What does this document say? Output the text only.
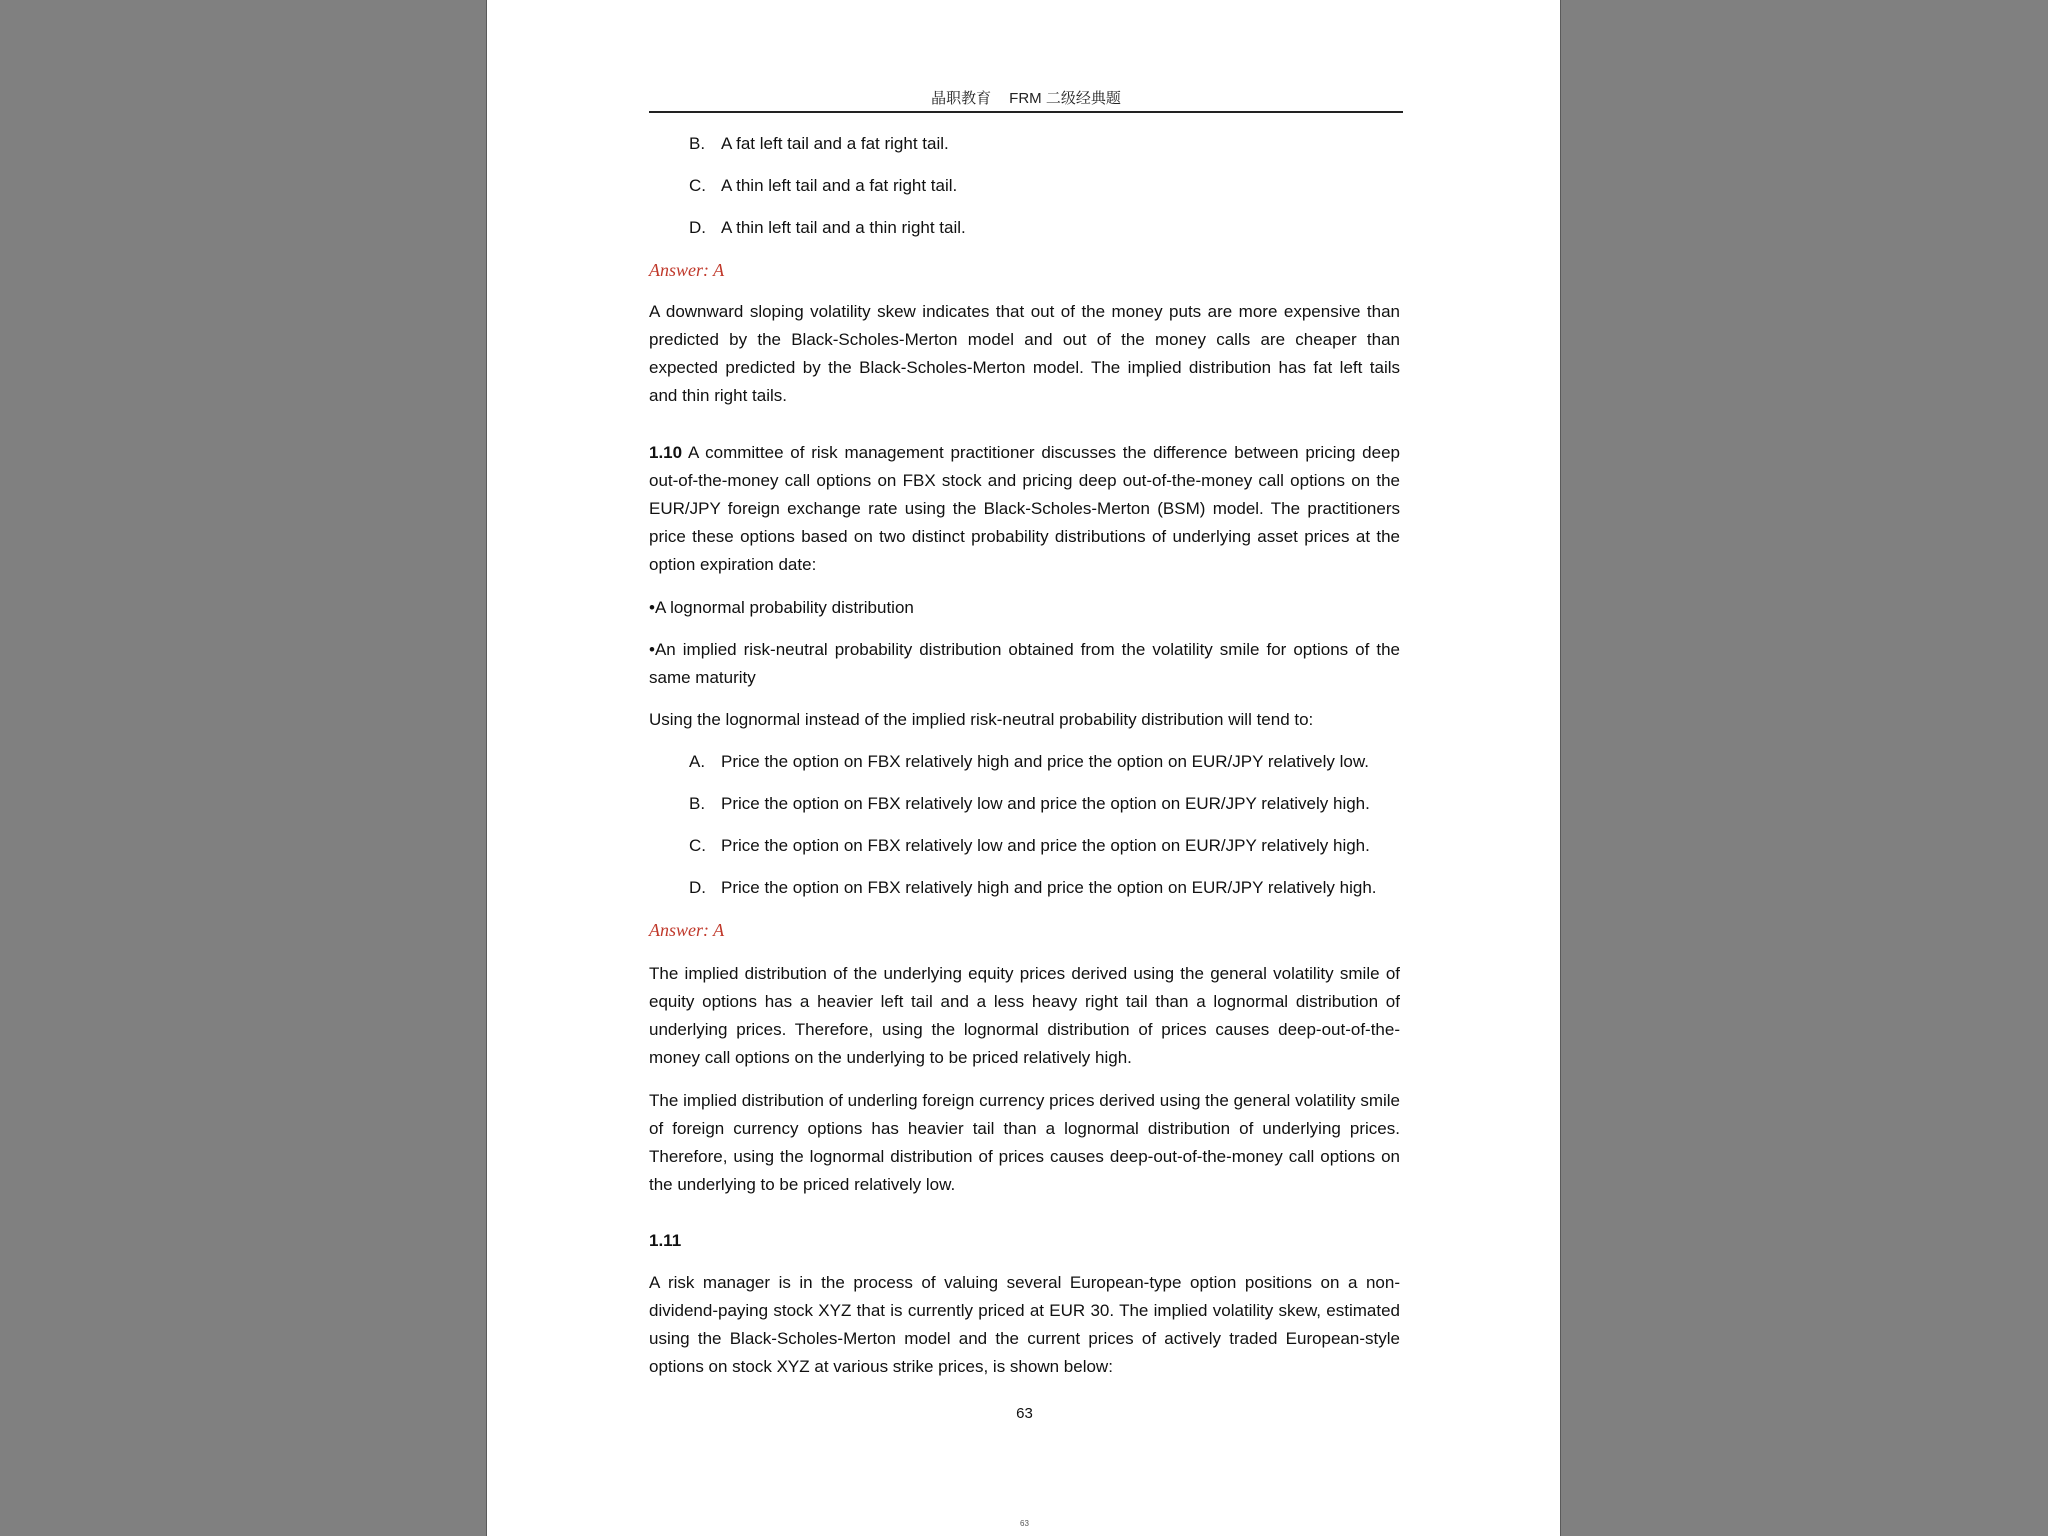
晶职教育 FRM 二级经典题
B. A fat left tail and a fat right tail.
C. A thin left tail and a fat right tail.
D. A thin left tail and a thin right tail.
Answer: A
A downward sloping volatility skew indicates that out of the money puts are more expensive than predicted by the Black-Scholes-Merton model and out of the money calls are cheaper than expected predicted by the Black-Scholes-Merton model. The implied distribution has fat left tails and thin right tails.
1.10 A committee of risk management practitioner discusses the difference between pricing deep out-of-the-money call options on FBX stock and pricing deep out-of-the-money call options on the EUR/JPY foreign exchange rate using the Black-Scholes-Merton (BSM) model. The practitioners price these options based on two distinct probability distributions of underlying asset prices at the option expiration date:
•A lognormal probability distribution
•An implied risk-neutral probability distribution obtained from the volatility smile for options of the same maturity
Using the lognormal instead of the implied risk-neutral probability distribution will tend to:
A. Price the option on FBX relatively high and price the option on EUR/JPY relatively low.
B. Price the option on FBX relatively low and price the option on EUR/JPY relatively high.
C. Price the option on FBX relatively low and price the option on EUR/JPY relatively high.
D. Price the option on FBX relatively high and price the option on EUR/JPY relatively high.
Answer: A
The implied distribution of the underlying equity prices derived using the general volatility smile of equity options has a heavier left tail and a less heavy right tail than a lognormal distribution of underlying prices. Therefore, using the lognormal distribution of prices causes deep-out-of-the-money call options on the underlying to be priced relatively high.
The implied distribution of underling foreign currency prices derived using the general volatility smile of foreign currency options has heavier tail than a lognormal distribution of underlying prices. Therefore, using the lognormal distribution of prices causes deep-out-of-the-money call options on the underlying to be priced relatively low.
1.11
A risk manager is in the process of valuing several European-type option positions on a non-dividend-paying stock XYZ that is currently priced at EUR 30. The implied volatility skew, estimated using the Black-Scholes-Merton model and the current prices of actively traded European-style options on stock XYZ at various strike prices, is shown below:
63
63
